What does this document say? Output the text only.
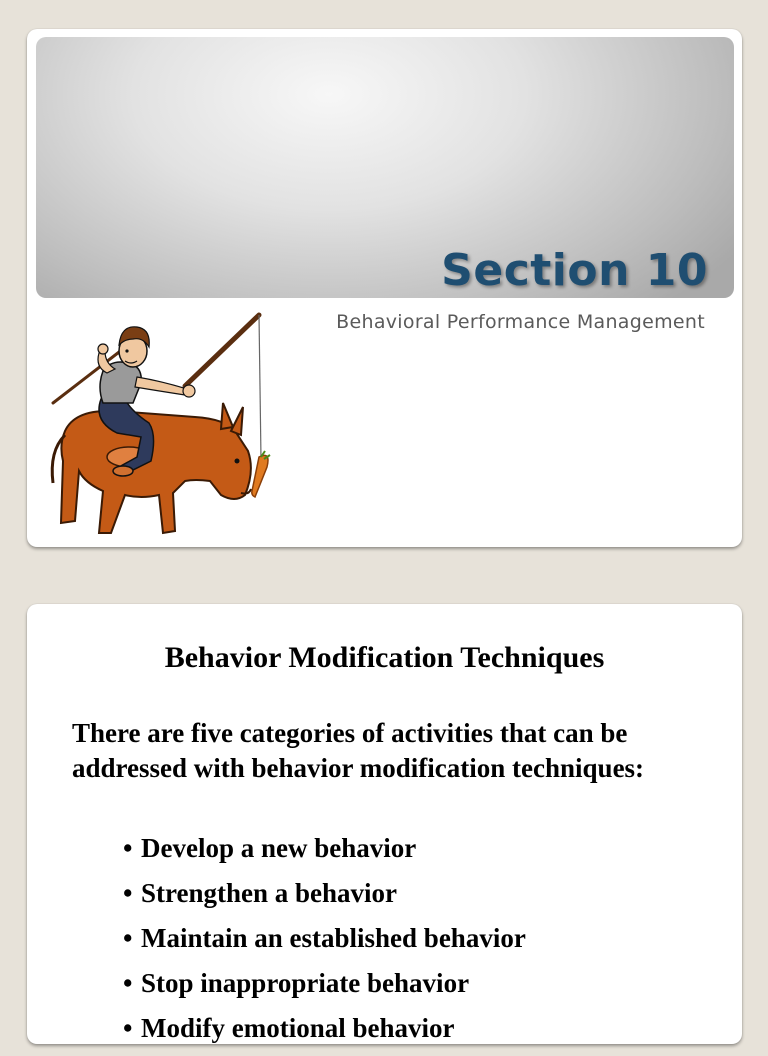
Section 10
Behavioral Performance Management
Behavior Modification Techniques

There are five categories of activities that can be addressed with behavior modification techniques:

• Develop a new behavior
• Strengthen a behavior
• Maintain an established behavior
• Stop inappropriate behavior
• Modify emotional behavior
